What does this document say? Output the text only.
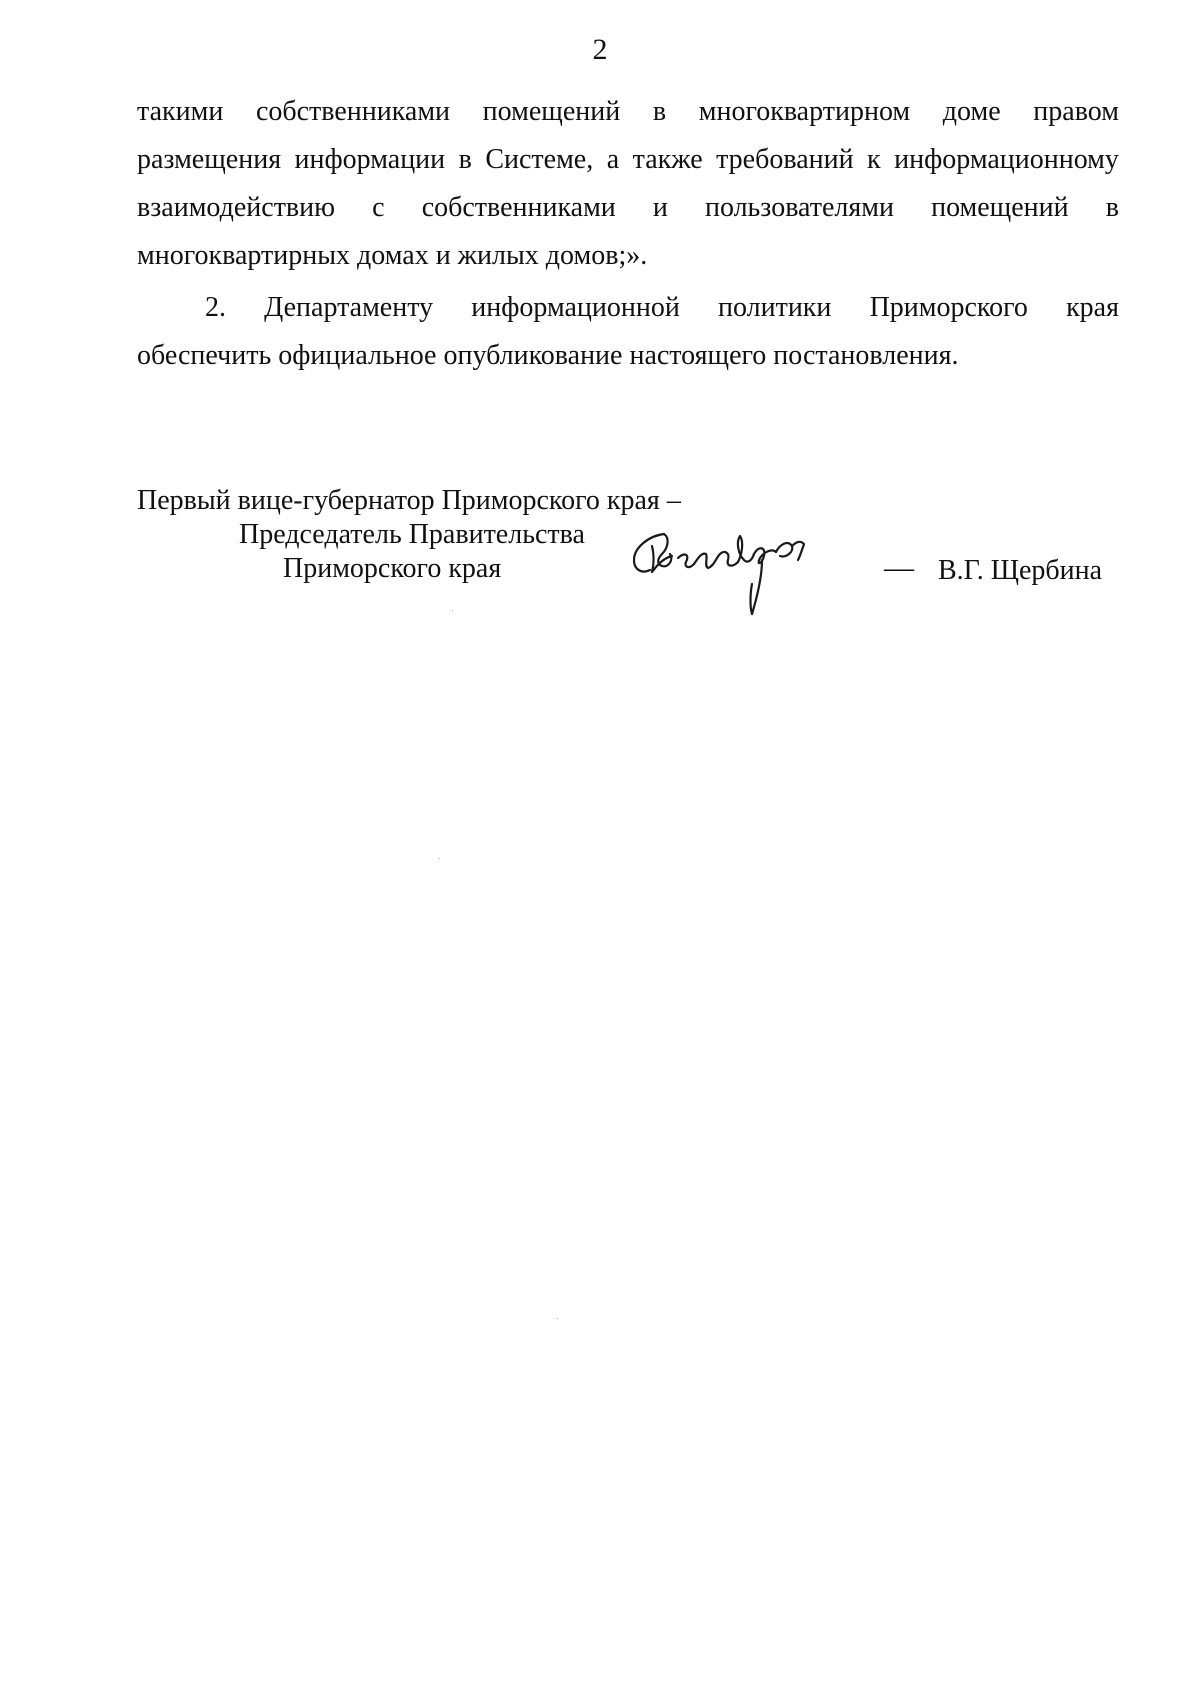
2
такими собственниками помещений в многоквартирном доме правом
размещения информации в Системе, а также требований к информационному
взаимодействию с собственниками и пользователями помещений в
многоквартирных домах и жилых домов;».
2. Департаменту информационной политики Приморского края
обеспечить официальное опубликование настоящего постановления.
Первый вице-губернатор Приморского края –
Председатель Правительства
Приморского края	— В.Г. Щербина
